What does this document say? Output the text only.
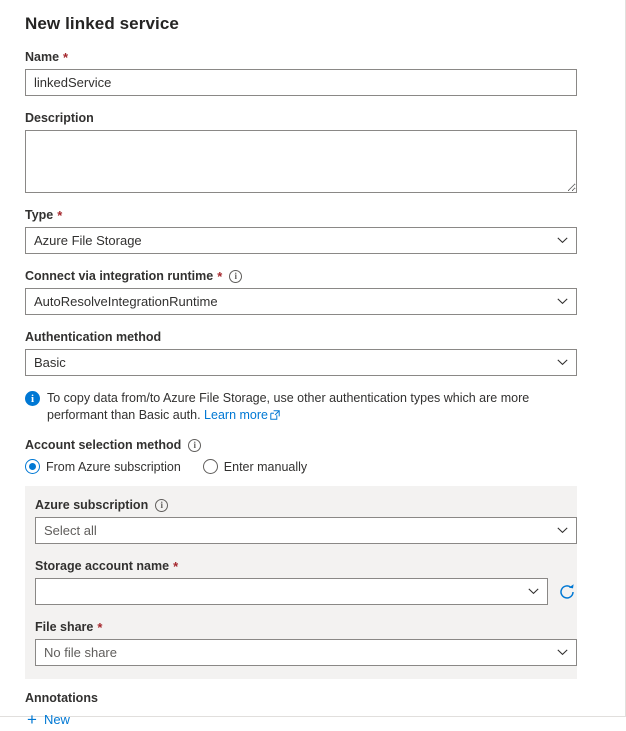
New linked service
Name *
linkedService
Description
Type *
Azure File Storage
Connect via integration runtime *	i
AutoResolveIntegrationRuntime
Authentication method
Basic
i	To copy data from/to Azure File Storage, use other authentication types which are more performant than Basic auth. Learn more
Account selection method	i
From Azure subscription	Enter manually
Azure subscription	i
Select all
Storage account name *
File share *
No file share
Annotations
+ New
